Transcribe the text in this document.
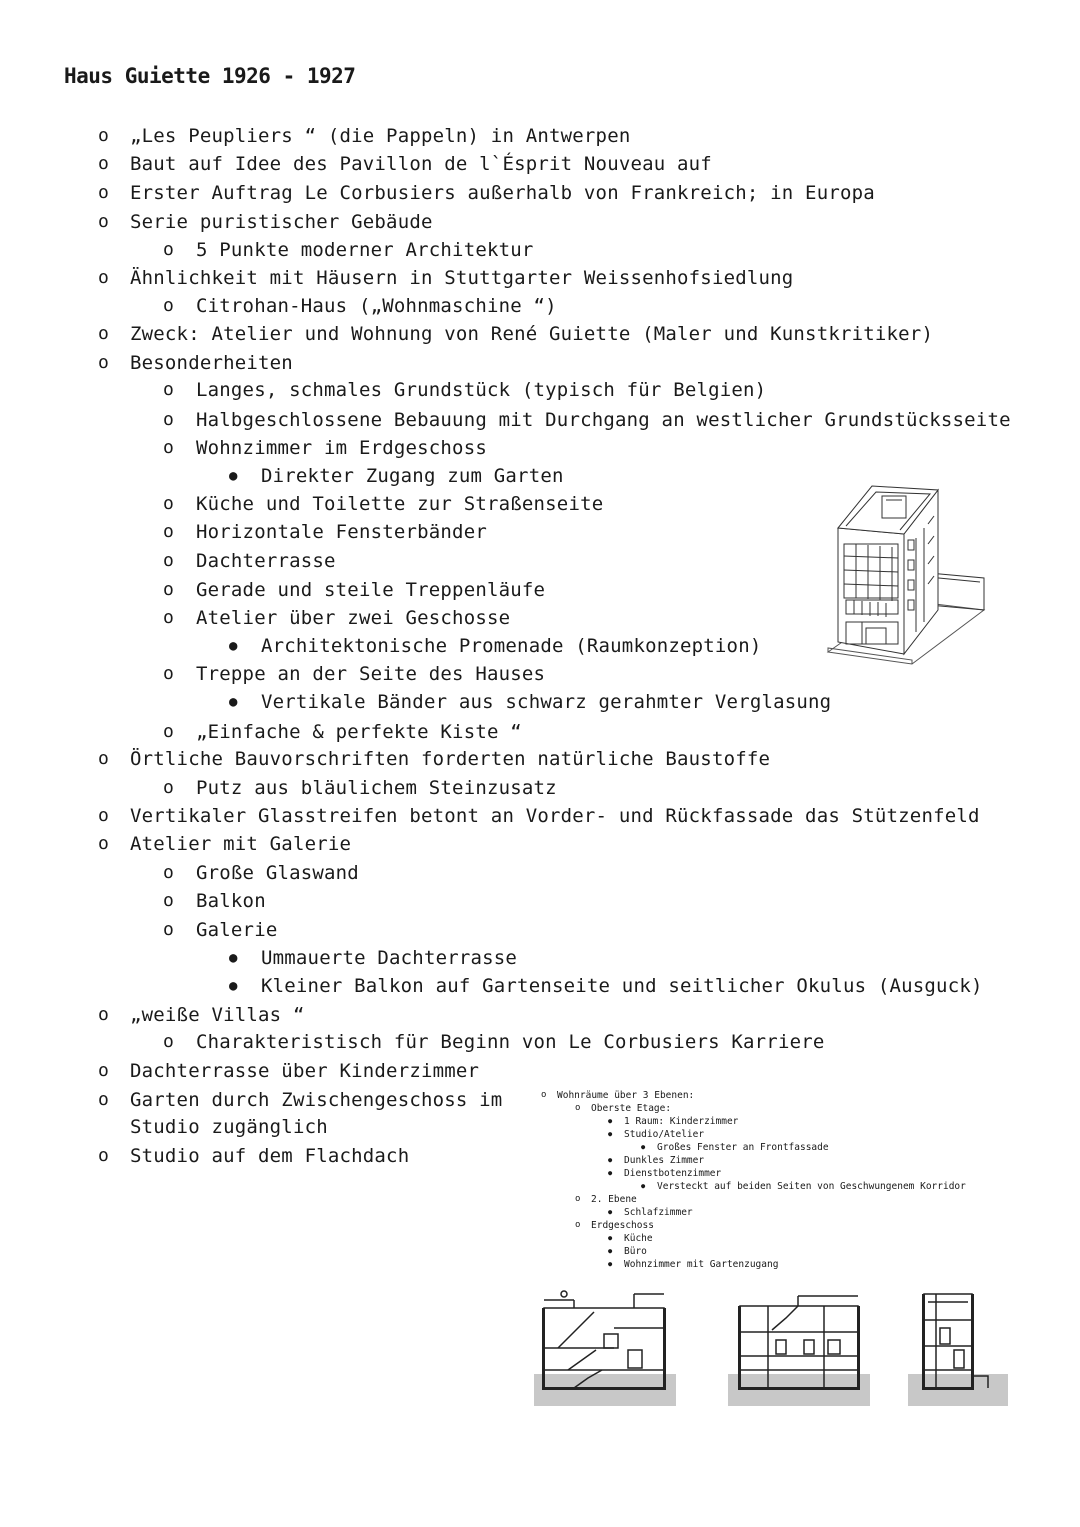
Haus Guiette 1926 - 1927
o „Les Peupliers “ (die Pappeln) in Antwerpen
o Baut auf Idee des Pavillon de l`Ésprit Nouveau auf
o Erster Auftrag Le Corbusiers außerhalb von Frankreich; in Europa
o Serie puristischer Gebäude
o 5 Punkte moderner Architektur
o Ähnlichkeit mit Häusern in Stuttgarter Weissenhofsiedlung
o Citrohan-Haus („Wohnmaschine “)
o Zweck: Atelier und Wohnung von René Guiette (Maler und Kunstkritiker)
o Besonderheiten
o Langes, schmales Grundstück (typisch für Belgien)
o Halbgeschlossene Bebauung mit Durchgang an westlicher Grundstücksseite
o Wohnzimmer im Erdgeschoss
● Direkter Zugang zum Garten
o Küche und Toilette zur Straßenseite
o Horizontale Fensterbänder
o Dachterrasse
o Gerade und steile Treppenläufe
o Atelier über zwei Geschosse
● Architektonische Promenade (Raumkonzeption)
o Treppe an der Seite des Hauses
● Vertikale Bänder aus schwarz gerahmter Verglasung
o „Einfache & perfekte Kiste “
o Örtliche Bauvorschriften forderten natürliche Baustoffe
o Putz aus bläulichem Steinzusatz
o Vertikaler Glasstreifen betont an Vorder- und Rückfassade das Stützenfeld
o Atelier mit Galerie
o Große Glaswand
o Balkon
o Galerie
● Ummauerte Dachterrasse
● Kleiner Balkon auf Gartenseite und seitlicher Okulus (Ausguck)
o „weiße Villas “
o Charakteristisch für Beginn von Le Corbusiers Karriere
o Dachterrasse über Kinderzimmer
o Garten durch Zwischengeschoss im
Studio zugänglich
o Studio auf dem Flachdach
o Wohnräume über 3 Ebenen:
o Oberste Etage:
● 1 Raum: Kinderzimmer
● Studio/Atelier
● Großes Fenster an Frontfassade
● Dunkles Zimmer
● Dienstbotenzimmer
● Versteckt auf beiden Seiten von Geschwungenem Korridor
o 2. Ebene
● Schlafzimmer
o Erdgeschoss
● Küche
● Büro
● Wohnzimmer mit Gartenzugang
